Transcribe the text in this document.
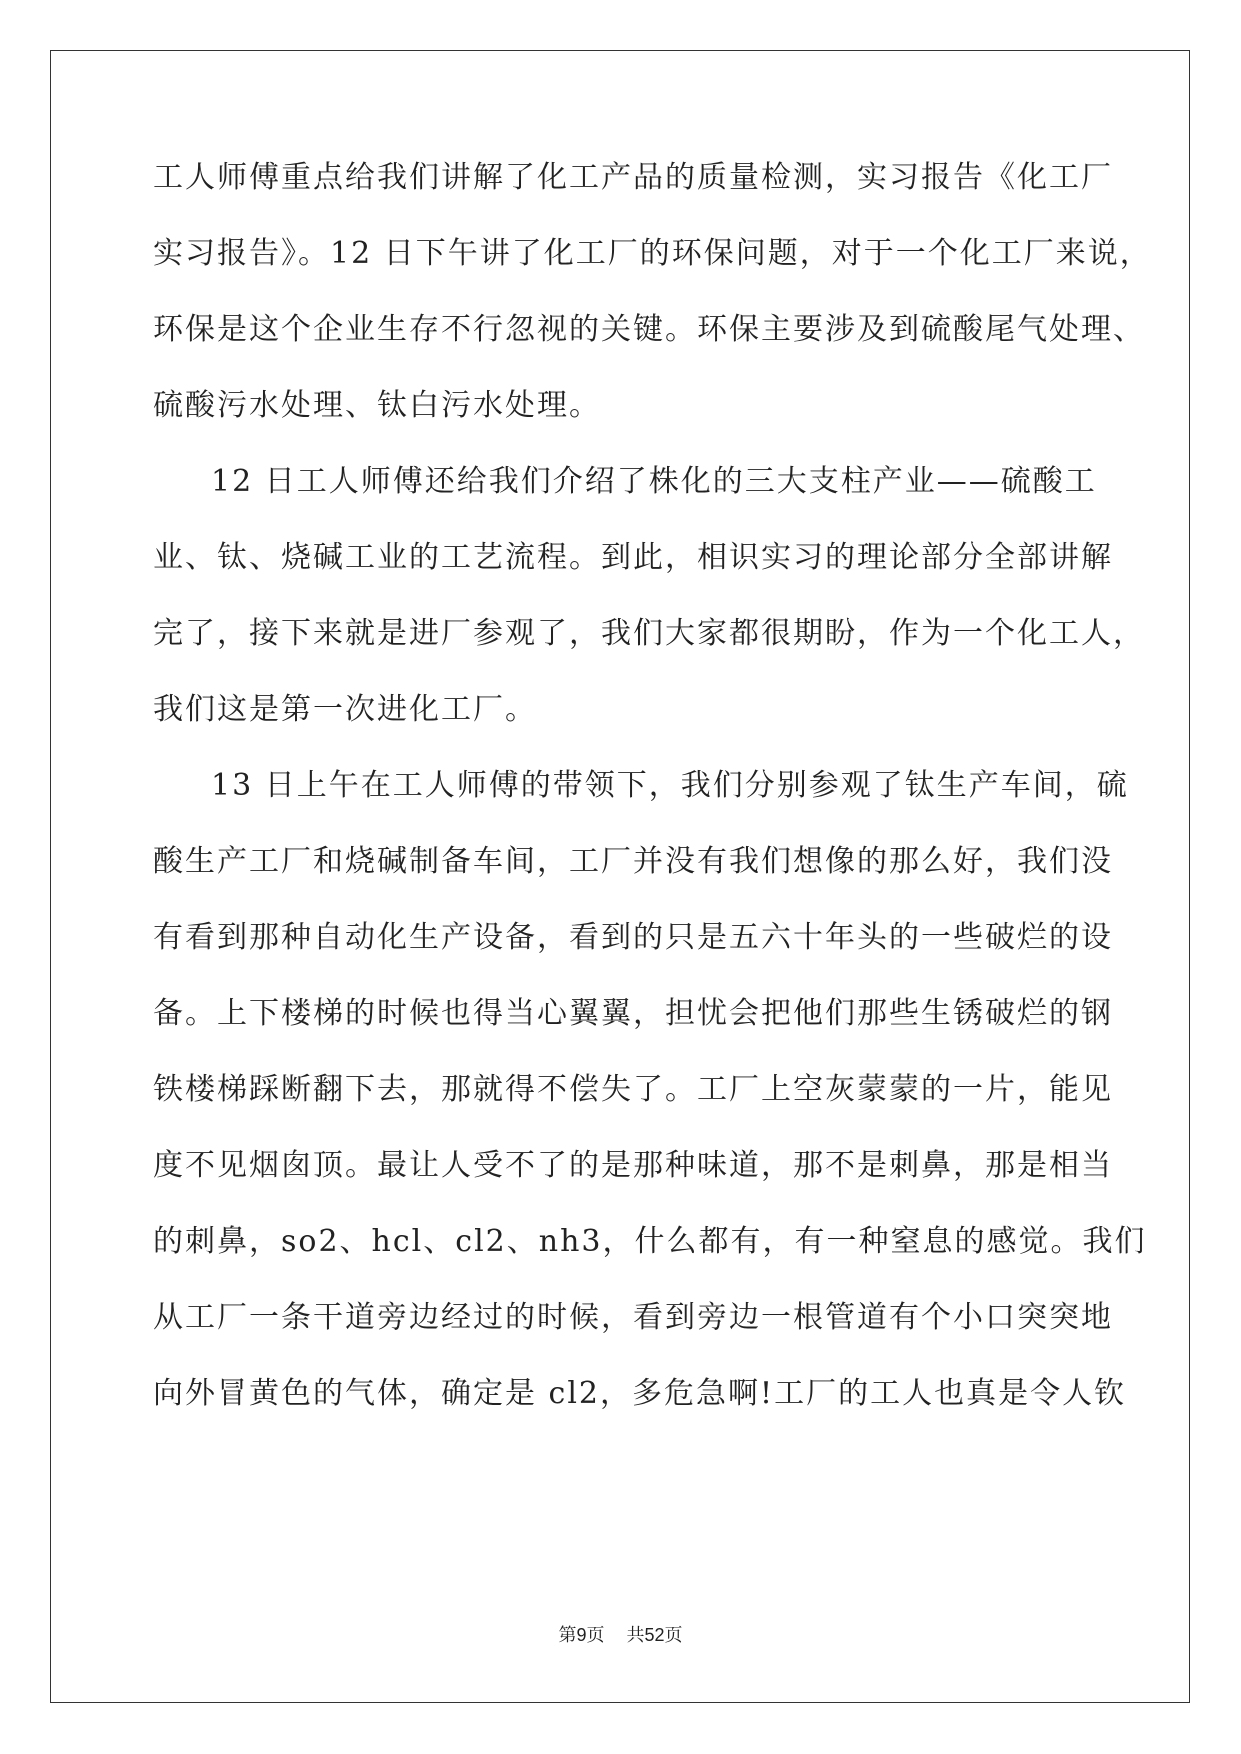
工人师傅重点给我们讲解了化工产品的质量检测，实习报告《化工厂
实习报告》。12 日下午讲了化工厂的环保问题，对于一个化工厂来说，
环保是这个企业生存不行忽视的关键。环保主要涉及到硫酸尾气处理、
硫酸污水处理、钛白污水处理。
12 日工人师傅还给我们介绍了株化的三大支柱产业——硫酸工
业、钛、烧碱工业的工艺流程。到此，相识实习的理论部分全部讲解
完了，接下来就是进厂参观了，我们大家都很期盼，作为一个化工人，
我们这是第一次进化工厂。
13 日上午在工人师傅的带领下，我们分别参观了钛生产车间，硫
酸生产工厂和烧碱制备车间，工厂并没有我们想像的那么好，我们没
有看到那种自动化生产设备，看到的只是五六十年头的一些破烂的设
备。上下楼梯的时候也得当心翼翼，担忧会把他们那些生锈破烂的钢
铁楼梯踩断翻下去，那就得不偿失了。工厂上空灰蒙蒙的一片，能见
度不见烟囱顶。最让人受不了的是那种味道，那不是刺鼻，那是相当
的刺鼻，so2、hcl、cl2、nh3，什么都有，有一种窒息的感觉。我们
从工厂一条干道旁边经过的时候，看到旁边一根管道有个小口突突地
向外冒黄色的气体，确定是 cl2，多危急啊!工厂的工人也真是令人钦
第9页 共52页
